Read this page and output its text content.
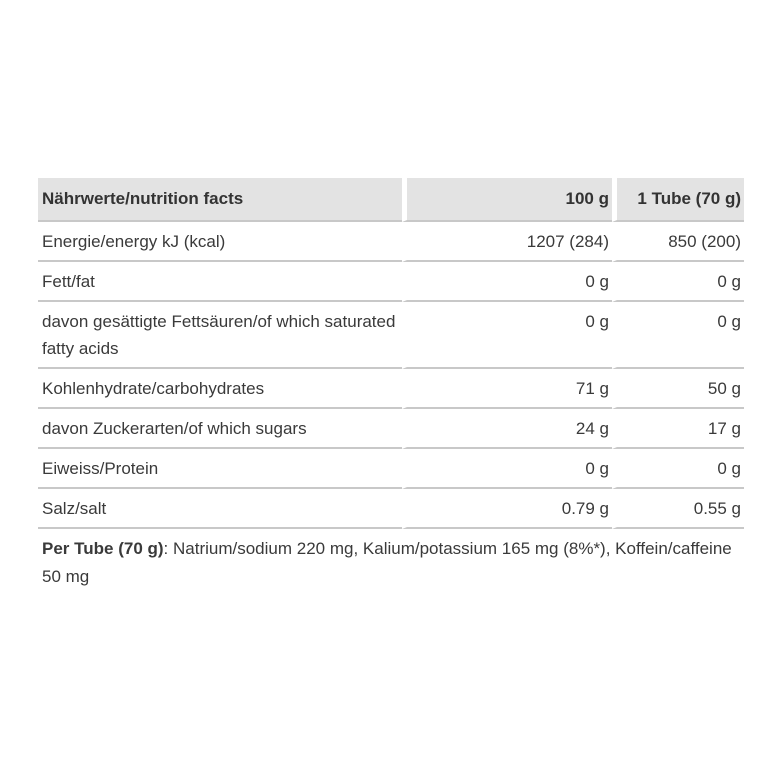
Nährwerte/nutrition facts	100 g	1 Tube (70 g)
Energie/energy kJ (kcal)	1207 (284)	850 (200)
Fett/fat	0 g	0 g
davon gesättigte Fettsäuren/of which saturated fatty acids	0 g	0 g
Kohlenhydrate/carbohydrates	71 g	50 g
davon Zuckerarten/of which sugars	24 g	17 g
Eiweiss/Protein	0 g	0 g
Salz/salt	0.79 g	0.55 g
Per Tube (70 g): Natrium/sodium 220 mg, Kalium/potassium 165 mg (8%*), Koffein/caffeine 50 mg
